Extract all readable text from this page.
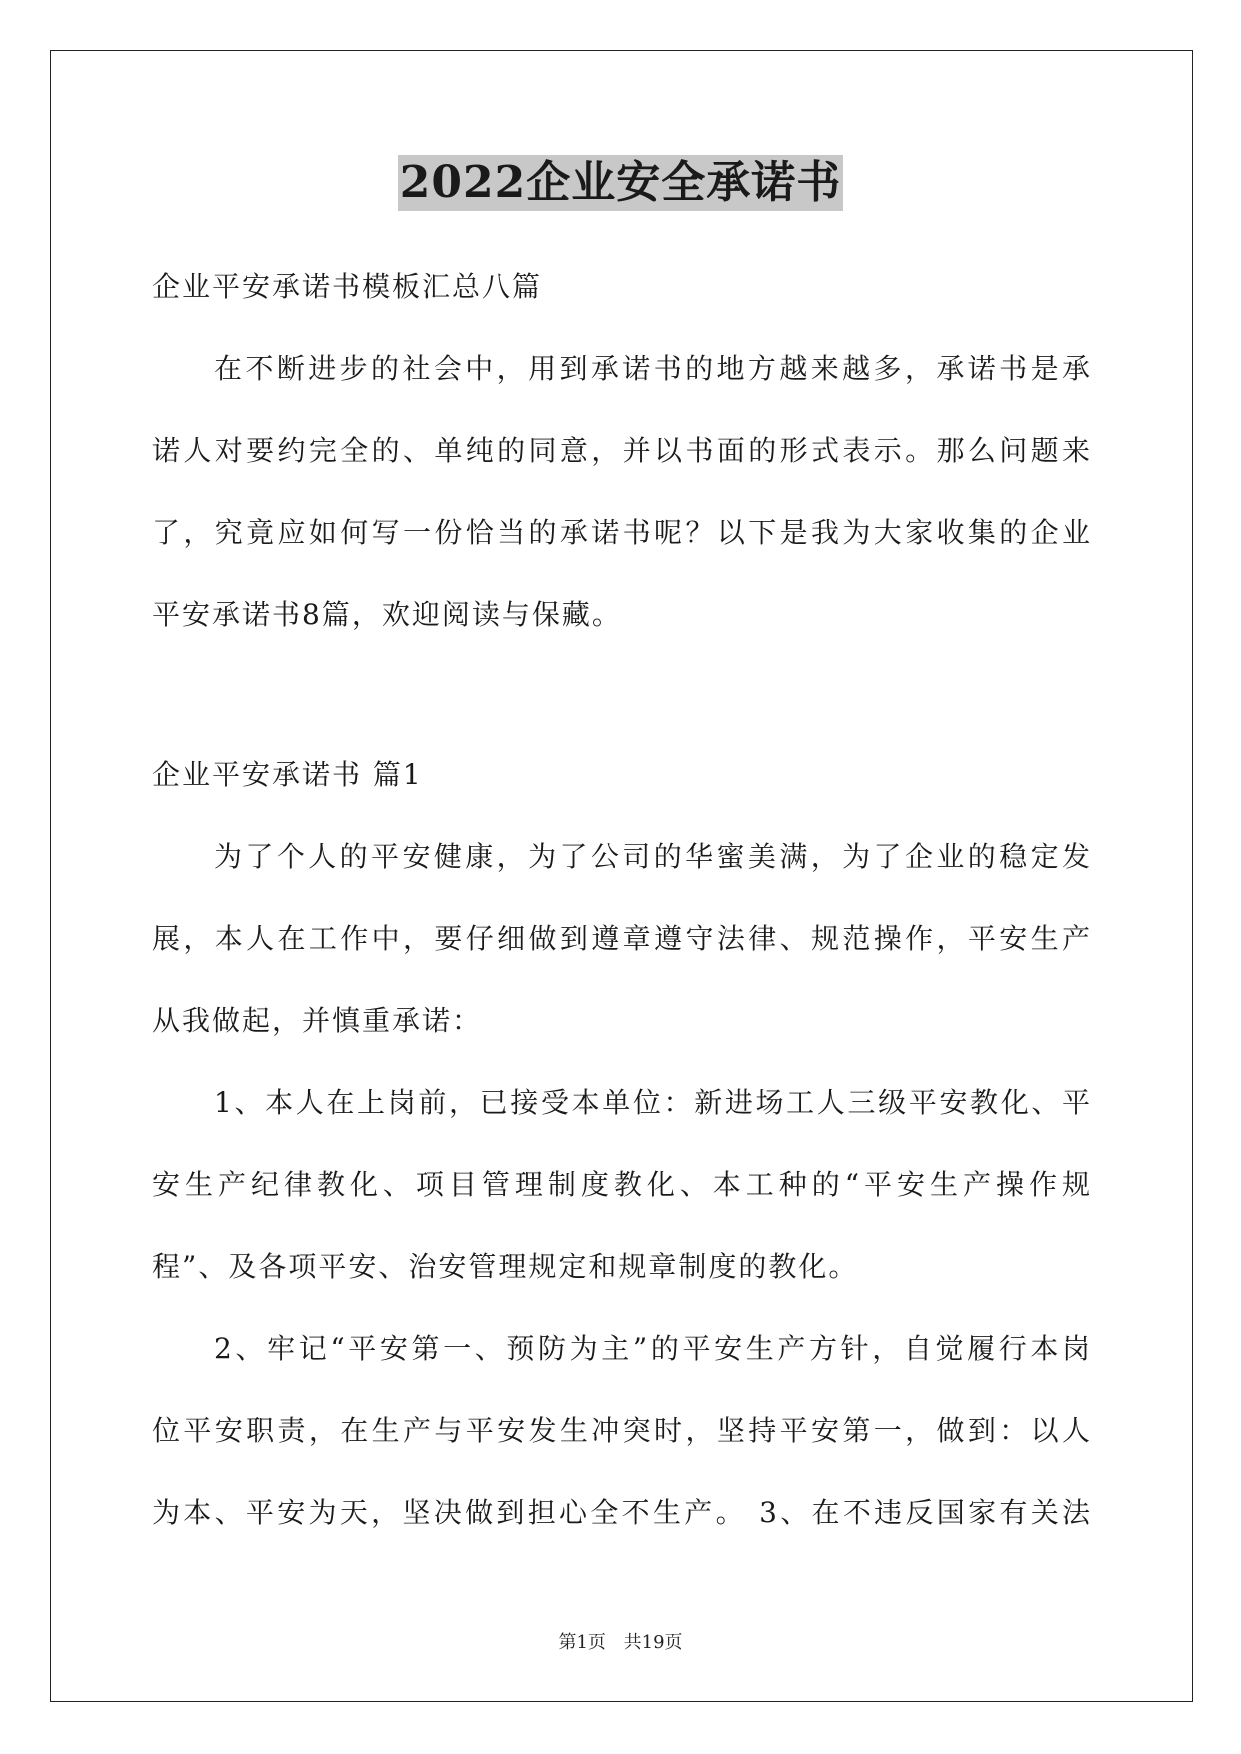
2022企业安全承诺书
企业平安承诺书模板汇总八篇
在不断进步的社会中，用到承诺书的地方越来越多，承诺书是承
诺人对要约完全的、单纯的同意，并以书面的形式表示。那么问题来
了，究竟应如何写一份恰当的承诺书呢？以下是我为大家收集的企业
平安承诺书8篇，欢迎阅读与保藏。
企业平安承诺书 篇1
为了个人的平安健康，为了公司的华蜜美满，为了企业的稳定发
展，本人在工作中，要仔细做到遵章遵守法律、规范操作，平安生产
从我做起，并慎重承诺：
1、本人在上岗前，已接受本单位：新进场工人三级平安教化、平
安生产纪律教化、项目管理制度教化、本工种的“平安生产操作规
程”、及各项平安、治安管理规定和规章制度的教化。
2、牢记“平安第一、预防为主”的平安生产方针，自觉履行本岗
位平安职责，在生产与平安发生冲突时，坚持平安第一，做到：以人
为本、平安为天，坚决做到担心全不生产。 3、在不违反国家有关法
第1页 共19页
